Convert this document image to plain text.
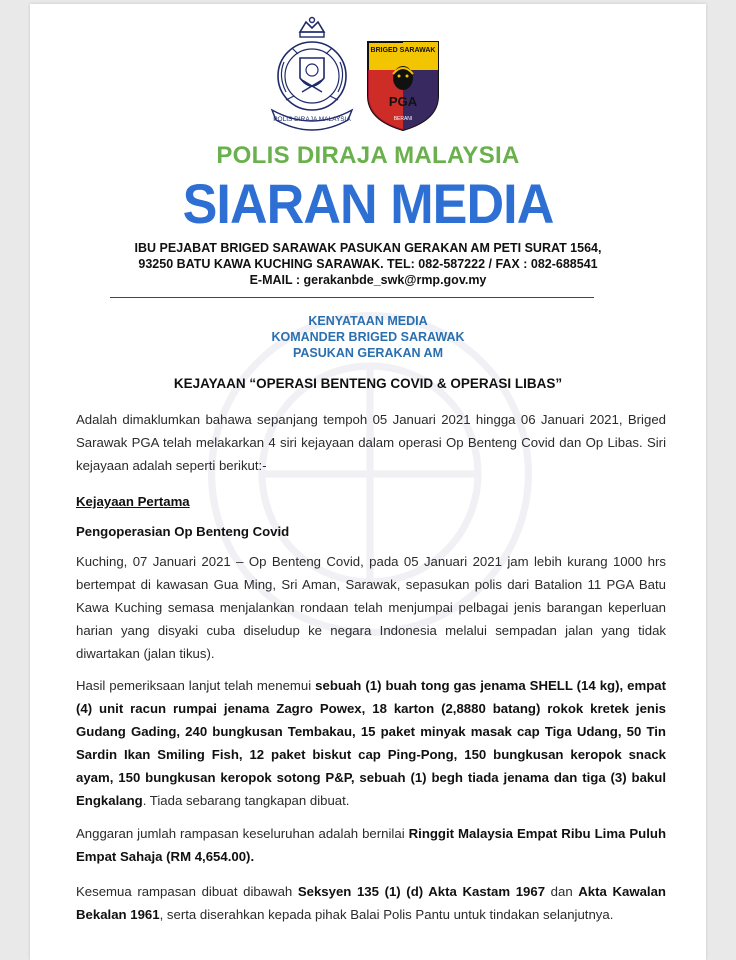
POLIS DIRAJA MALAYSIA
BRIGED SARAWAK
PGA
BERANI
POLIS DIRAJA MALAYSIA
SIARAN MEDIA
IBU PEJABAT BRIGED SARAWAK PASUKAN GERAKAN AM PETI SURAT 1564,
93250 BATU KAWA KUCHING SARAWAK. TEL: 082-587222 / FAX : 082-688541
E-MAIL : gerakanbde_swk@rmp.gov.my
KENYATAAN MEDIA
KOMANDER BRIGED SARAWAK
PASUKAN GERAKAN AM
KEJAYAAN “OPERASI BENTENG COVID & OPERASI LIBAS”
Adalah dimaklumkan bahawa sepanjang tempoh 05 Januari 2021 hingga 06 Januari 2021, Briged Sarawak PGA telah melakarkan 4 siri kejayaan dalam operasi Op Benteng Covid dan Op Libas. Siri kejayaan adalah seperti berikut:-
Kejayaan Pertama
Pengoperasian Op Benteng Covid
Kuching, 07 Januari 2021 – Op Benteng Covid, pada 05 Januari 2021 jam lebih kurang 1000 hrs bertempat di kawasan Gua Ming, Sri Aman, Sarawak, sepasukan polis dari Batalion 11 PGA Batu Kawa Kuching semasa menjalankan rondaan telah menjumpai pelbagai jenis barangan keperluan harian yang disyaki cuba diseludup ke negara Indonesia melalui sempadan jalan yang tidak diwartakan (jalan tikus).
Hasil pemeriksaan lanjut telah menemui sebuah (1) buah tong gas jenama SHELL (14 kg), empat (4) unit racun rumpai jenama Zagro Powex, 18 karton (2,8880 batang) rokok kretek jenis Gudang Gading, 240 bungkusan Tembakau, 15 paket minyak masak cap Tiga Udang, 50 Tin Sardin Ikan Smiling Fish, 12 paket biskut cap Ping-Pong, 150 bungkusan keropok snack ayam, 150 bungkusan keropok sotong P&P, sebuah (1) begh tiada jenama dan tiga (3) bakul Engkalang. Tiada sebarang tangkapan dibuat.
Anggaran jumlah rampasan keseluruhan adalah bernilai Ringgit Malaysia Empat Ribu Lima Puluh Empat Sahaja (RM 4,654.00).
Kesemua rampasan dibuat dibawah Seksyen 135 (1) (d) Akta Kastam 1967 dan Akta Kawalan Bekalan 1961, serta diserahkan kepada pihak Balai Polis Pantu untuk tindakan selanjutnya.
